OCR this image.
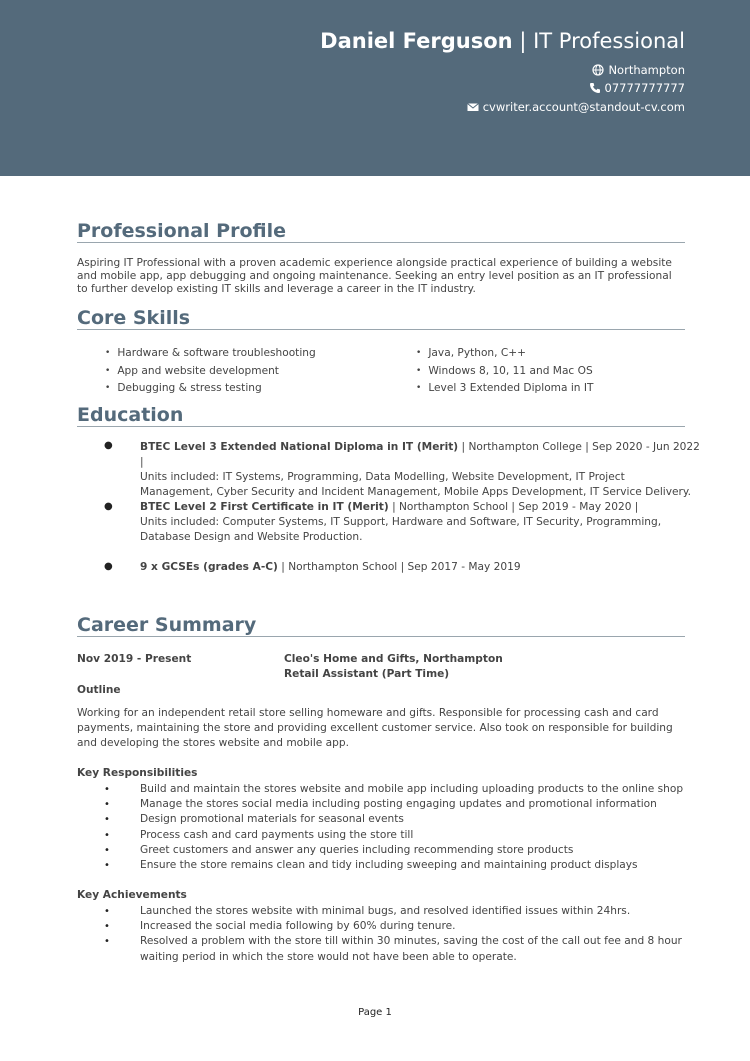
Daniel Ferguson | IT Professional
Northampton
07777777777
cvwriter.account@standout-cv.com
Professional Profile
Aspiring IT Professional with a proven academic experience alongside practical experience of building a website and mobile app, app debugging and ongoing maintenance. Seeking an entry level position as an IT professional to further develop existing IT skills and leverage a career in the IT industry.
Core Skills
• Hardware & software troubleshooting
• App and website development
• Debugging & stress testing
• Java, Python, C++
• Windows 8, 10, 11 and Mac OS
• Level 3 Extended Diploma in IT
Education
●	BTEC Level 3 Extended National Diploma in IT (Merit) | Northampton College | Sep 2020 - Jun 2022 |
Units included: IT Systems, Programming, Data Modelling, Website Development, IT Project Management, Cyber Security and Incident Management, Mobile Apps Development, IT Service Delivery.
●	BTEC Level 2 First Certificate in IT (Merit) | Northampton School | Sep 2019 - May 2020 |
Units included: Computer Systems, IT Support, Hardware and Software, IT Security, Programming, Database Design and Website Production.
●	9 x GCSEs (grades A-C) | Northampton School | Sep 2017 - May 2019
Career Summary
Nov 2019 - Present	Cleo's Home and Gifts, Northampton
Retail Assistant (Part Time)
Outline
Working for an independent retail store selling homeware and gifts. Responsible for processing cash and card payments, maintaining the store and providing excellent customer service. Also took on responsible for building and developing the stores website and mobile app.
Key Responsibilities
• Build and maintain the stores website and mobile app including uploading products to the online shop
• Manage the stores social media including posting engaging updates and promotional information
• Design promotional materials for seasonal events
• Process cash and card payments using the store till
• Greet customers and answer any queries including recommending store products
• Ensure the store remains clean and tidy including sweeping and maintaining product displays
Key Achievements
• Launched the stores website with minimal bugs, and resolved identified issues within 24hrs.
• Increased the social media following by 60% during tenure.
• Resolved a problem with the store till within 30 minutes, saving the cost of the call out fee and 8 hour waiting period in which the store would not have been able to operate.
Page 1
